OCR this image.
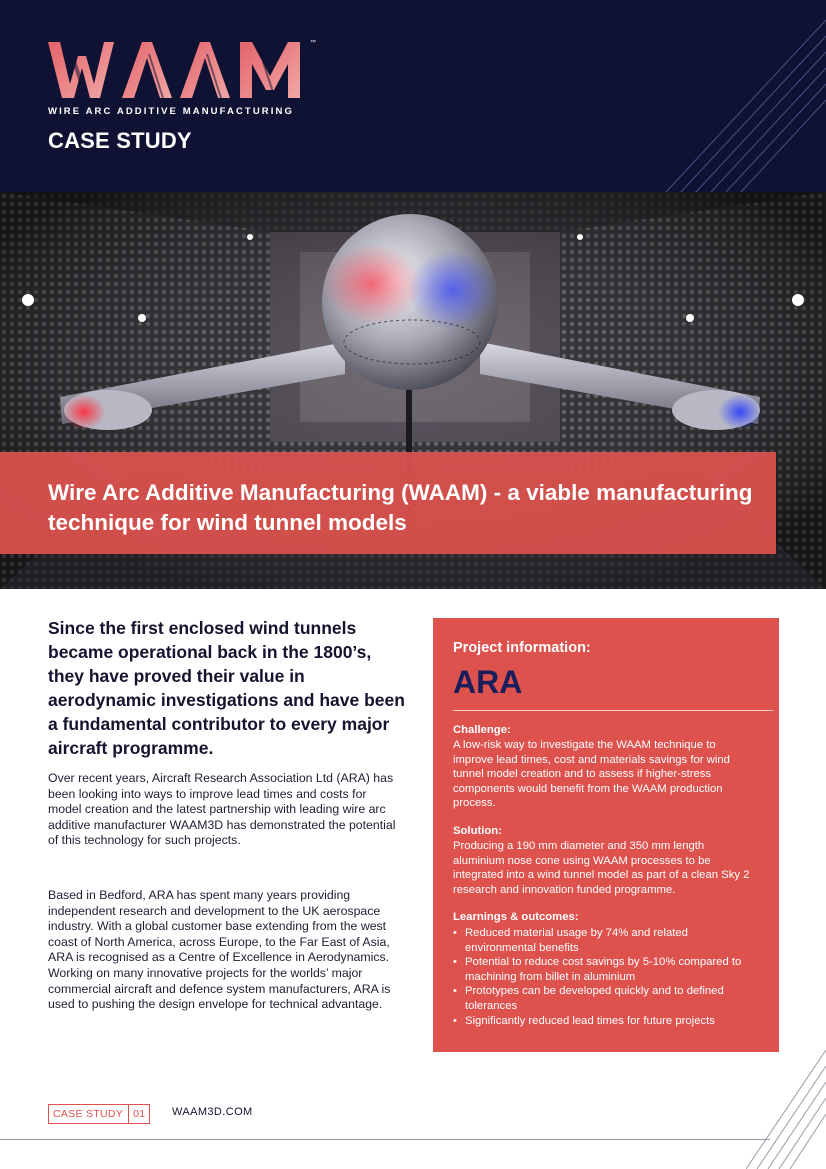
™
WIRE ARC ADDITIVE MANUFACTURING
CASE STUDY
Wire Arc Additive Manufacturing (WAAM) - a viable manufacturing technique for wind tunnel models

Since the first enclosed wind tunnels became operational back in the 1800’s, they have proved their value in aerodynamic investigations and have been a fundamental contributor to every major aircraft programme.

Over recent years, Aircraft Research Association Ltd (ARA) has been looking into ways to improve lead times and costs for model creation and the latest partnership with leading wire arc additive manufacturer WAAM3D has demonstrated the potential of this technology for such projects.

Based in Bedford, ARA has spent many years providing independent research and development to the UK aerospace industry. With a global customer base extending from the west coast of North America, across Europe, to the Far East of Asia, ARA is recognised as a Centre of Excellence in Aerodynamics. Working on many innovative projects for the worlds’ major commercial aircraft and defence system manufacturers, ARA is used to pushing the design envelope for technical advantage.

Project information:
ARA
Challenge:

A low-risk way to investigate the WAAM technique to improve lead times, cost and materials savings for wind tunnel model creation and to assess if higher-stress components would benefit from the WAAM production process.

Solution:

Producing a 190 mm diameter and 350 mm length aluminium nose cone using WAAM processes to be integrated into a wind tunnel model as part of a clean Sky 2 research and innovation funded programme.

Learnings & outcomes:
• Reduced material usage by 74% and related environmental benefits
• Potential to reduce cost savings by 5-10% compared to machining from billet in aluminium
• Prototypes can be developed quickly and to defined tolerances
• Significantly reduced lead times for future projects
CASE STUDY 01	WAAM3D.COM
